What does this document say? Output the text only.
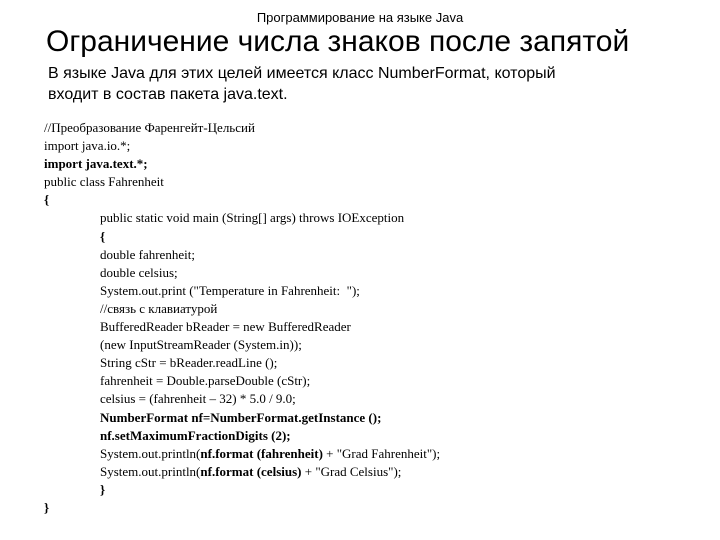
Программирование на языке Java
Ограничение числа знаков после запятой
В языке Java для этих целей имеется класс NumberFormat, который
входит в состав пакета java.text.
//Преобразование Фаренгейт-Цельсий
import java.io.*;
import java.text.*;
public class Fahrenheit
{
public static void main (String[] args) throws IOException
{
double fahrenheit;
double celsius;
System.out.print ("Temperature in Fahrenheit:  ");
//связь с клавиатурой
BufferedReader bReader = new BufferedReader
(new InputStreamReader (System.in));
String cStr = bReader.readLine ();
fahrenheit = Double.parseDouble (cStr);
celsius = (fahrenheit – 32) * 5.0 / 9.0;
NumberFormat nf=NumberFormat.getInstance ();
nf.setMaximumFractionDigits (2);
System.out.println(nf.format (fahrenheit) + "Grad Fahrenheit");
System.out.println(nf.format (celsius) + "Grad Celsius");
}
}
